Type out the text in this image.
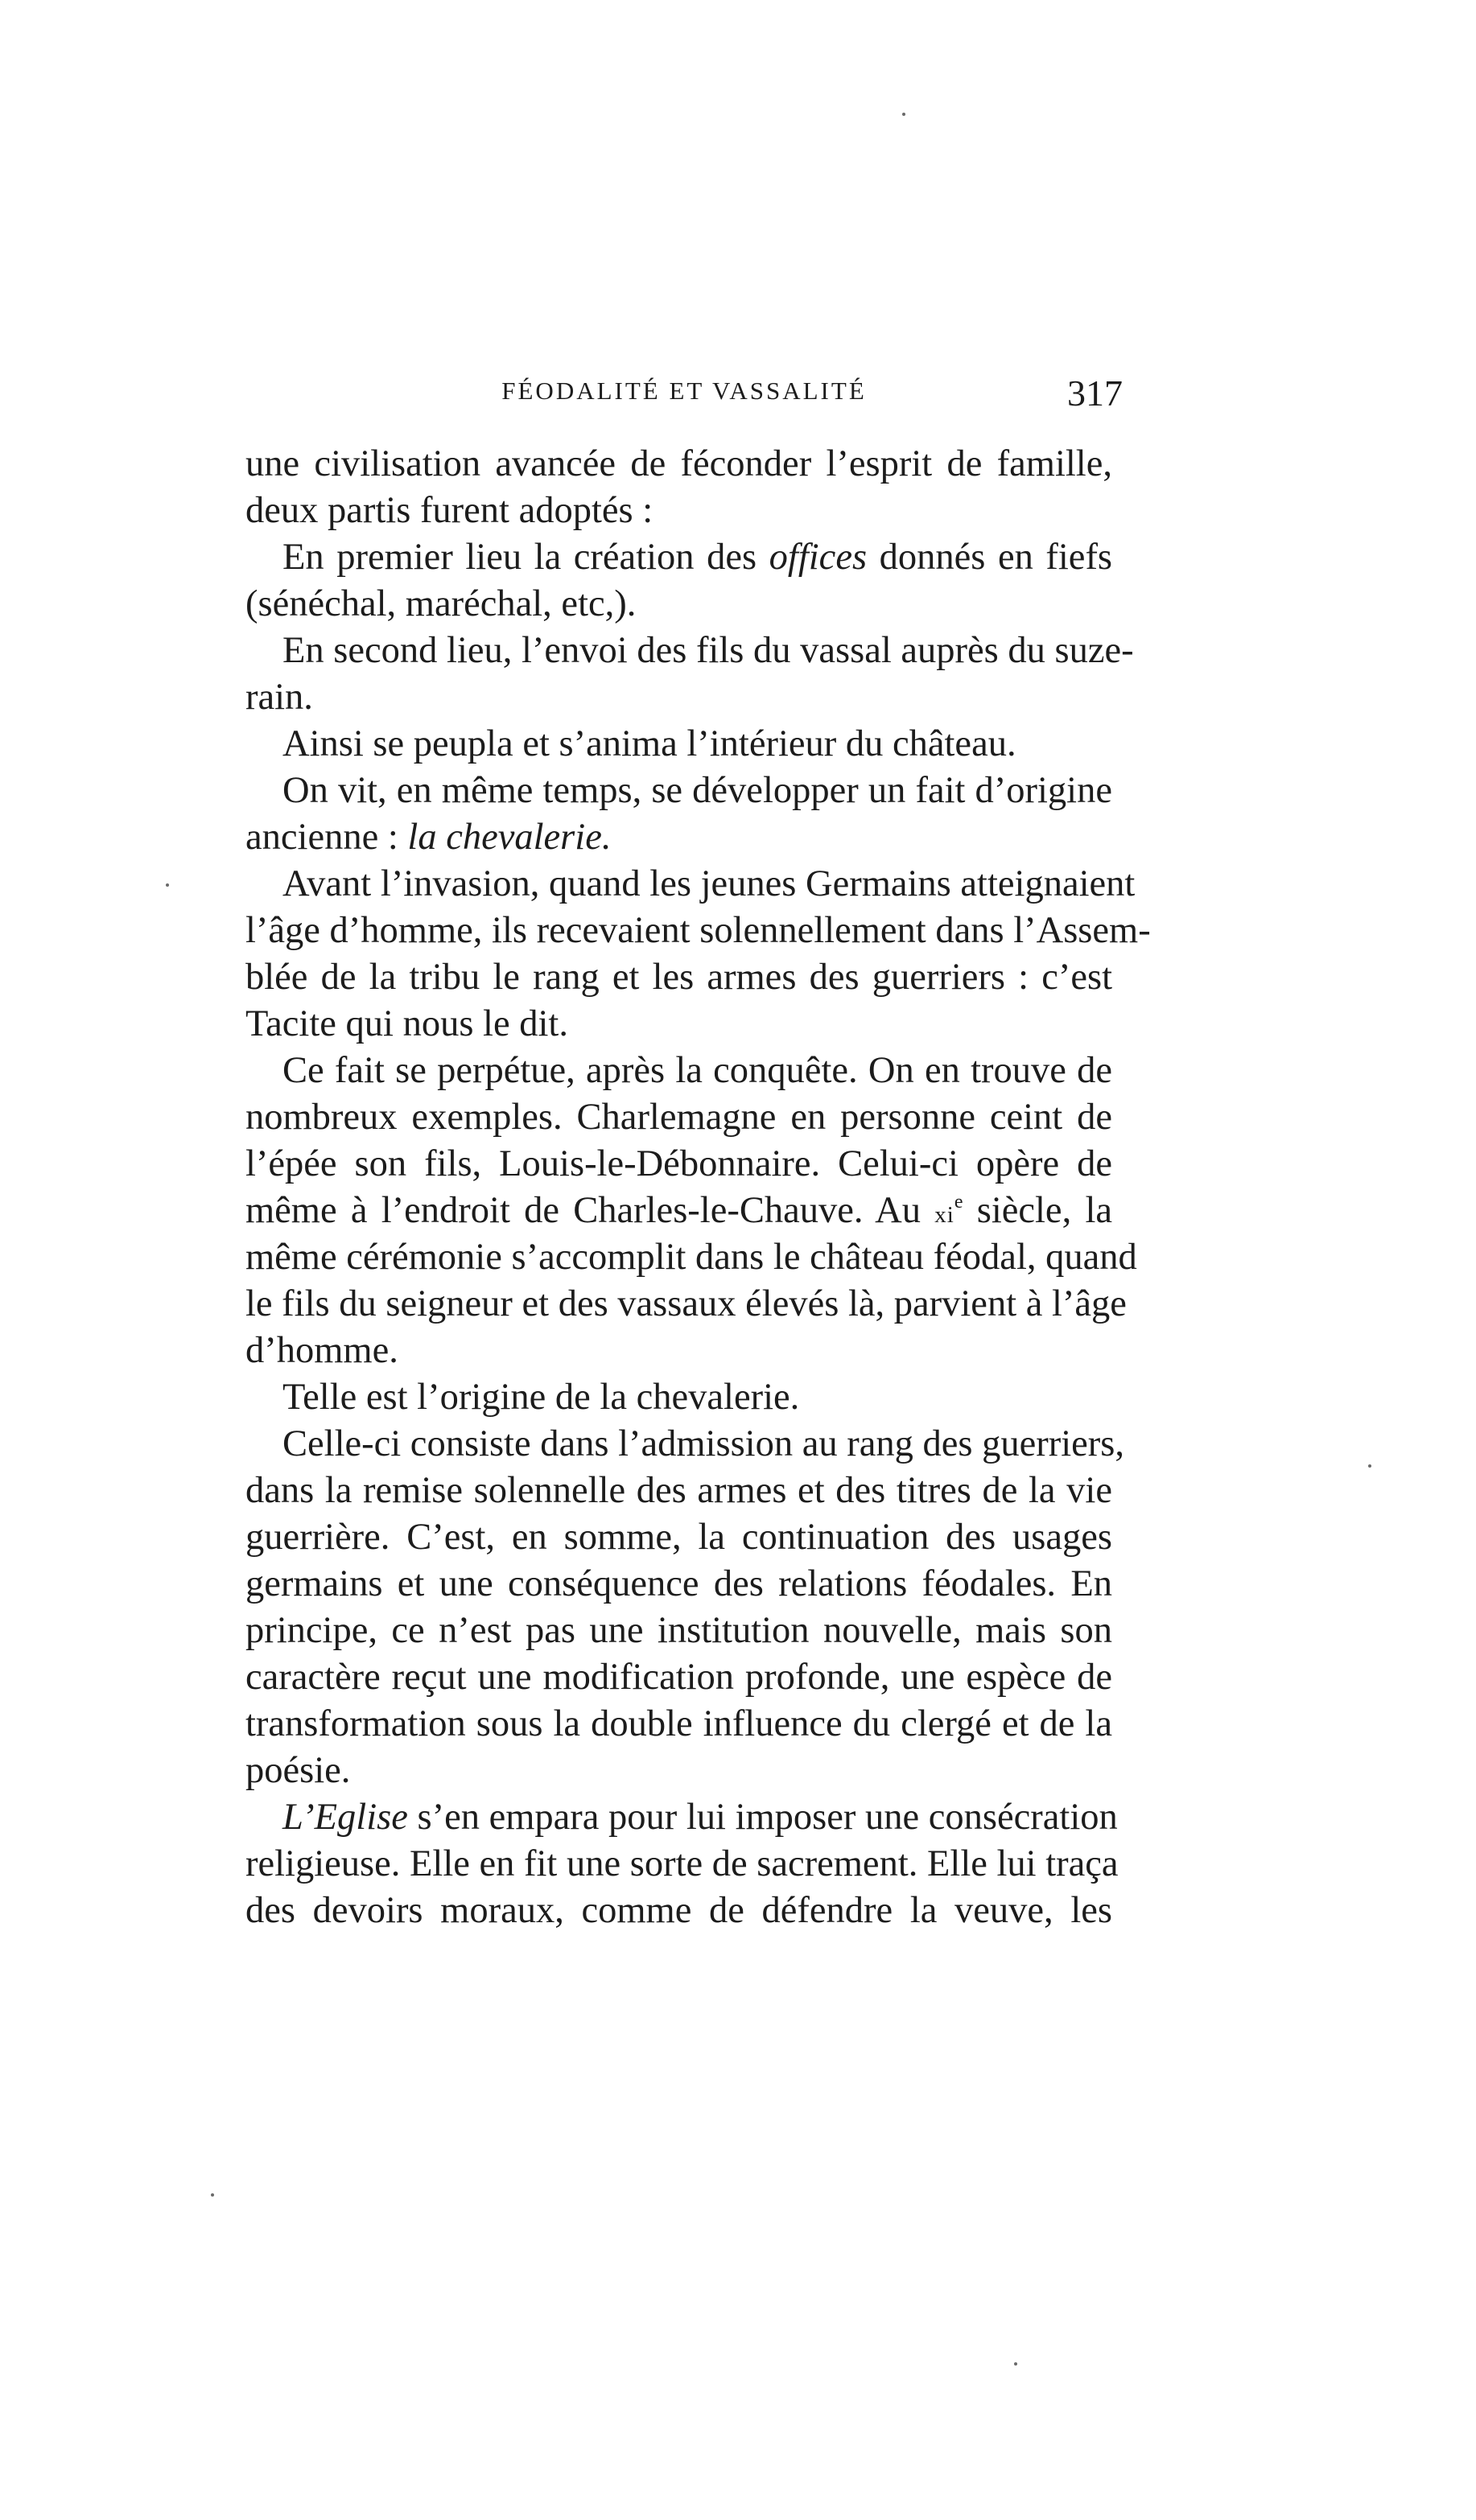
FÉODALITÉ ET VASSALITÉ	317
une civilisation avancée de féconder l’esprit de famille,
deux partis furent adoptés :
En premier lieu la création des offices donnés en fiefs
(sénéchal, maréchal, etc,).
En second lieu, l’envoi des fils du vassal auprès du suze-
rain.
Ainsi se peupla et s’anima l’intérieur du château.
On vit, en même temps, se développer un fait d’origine
ancienne : la chevalerie.
Avant l’invasion, quand les jeunes Germains atteignaient
l’âge d’homme, ils recevaient solennellement dans l’Assem-
blée de la tribu le rang et les armes des guerriers : c’est
Tacite qui nous le dit.
Ce fait se perpétue, après la conquête. On en trouve de
nombreux exemples. Charlemagne en personne ceint de
l’épée son fils, Louis-le-Débonnaire. Celui-ci opère de
même à l’endroit de Charles-le-Chauve. Au $xi^e$ siècle, la
même cérémonie s’accomplit dans le château féodal, quand
le fils du seigneur et des vassaux élevés là, parvient à l’âge
d’homme.
Telle est l’origine de la chevalerie.
Celle-ci consiste dans l’admission au rang des guerriers,
dans la remise solennelle des armes et des titres de la vie
guerrière. C’est, en somme, la continuation des usages
germains et une conséquence des relations féodales. En
principe, ce n’est pas une institution nouvelle, mais son
caractère reçut une modification profonde, une espèce de
transformation sous la double influence du clergé et de la
poésie.
L’Eglise s’en empara pour lui imposer une consécration
religieuse. Elle en fit une sorte de sacrement. Elle lui traça
des devoirs moraux, comme de défendre la veuve, les
